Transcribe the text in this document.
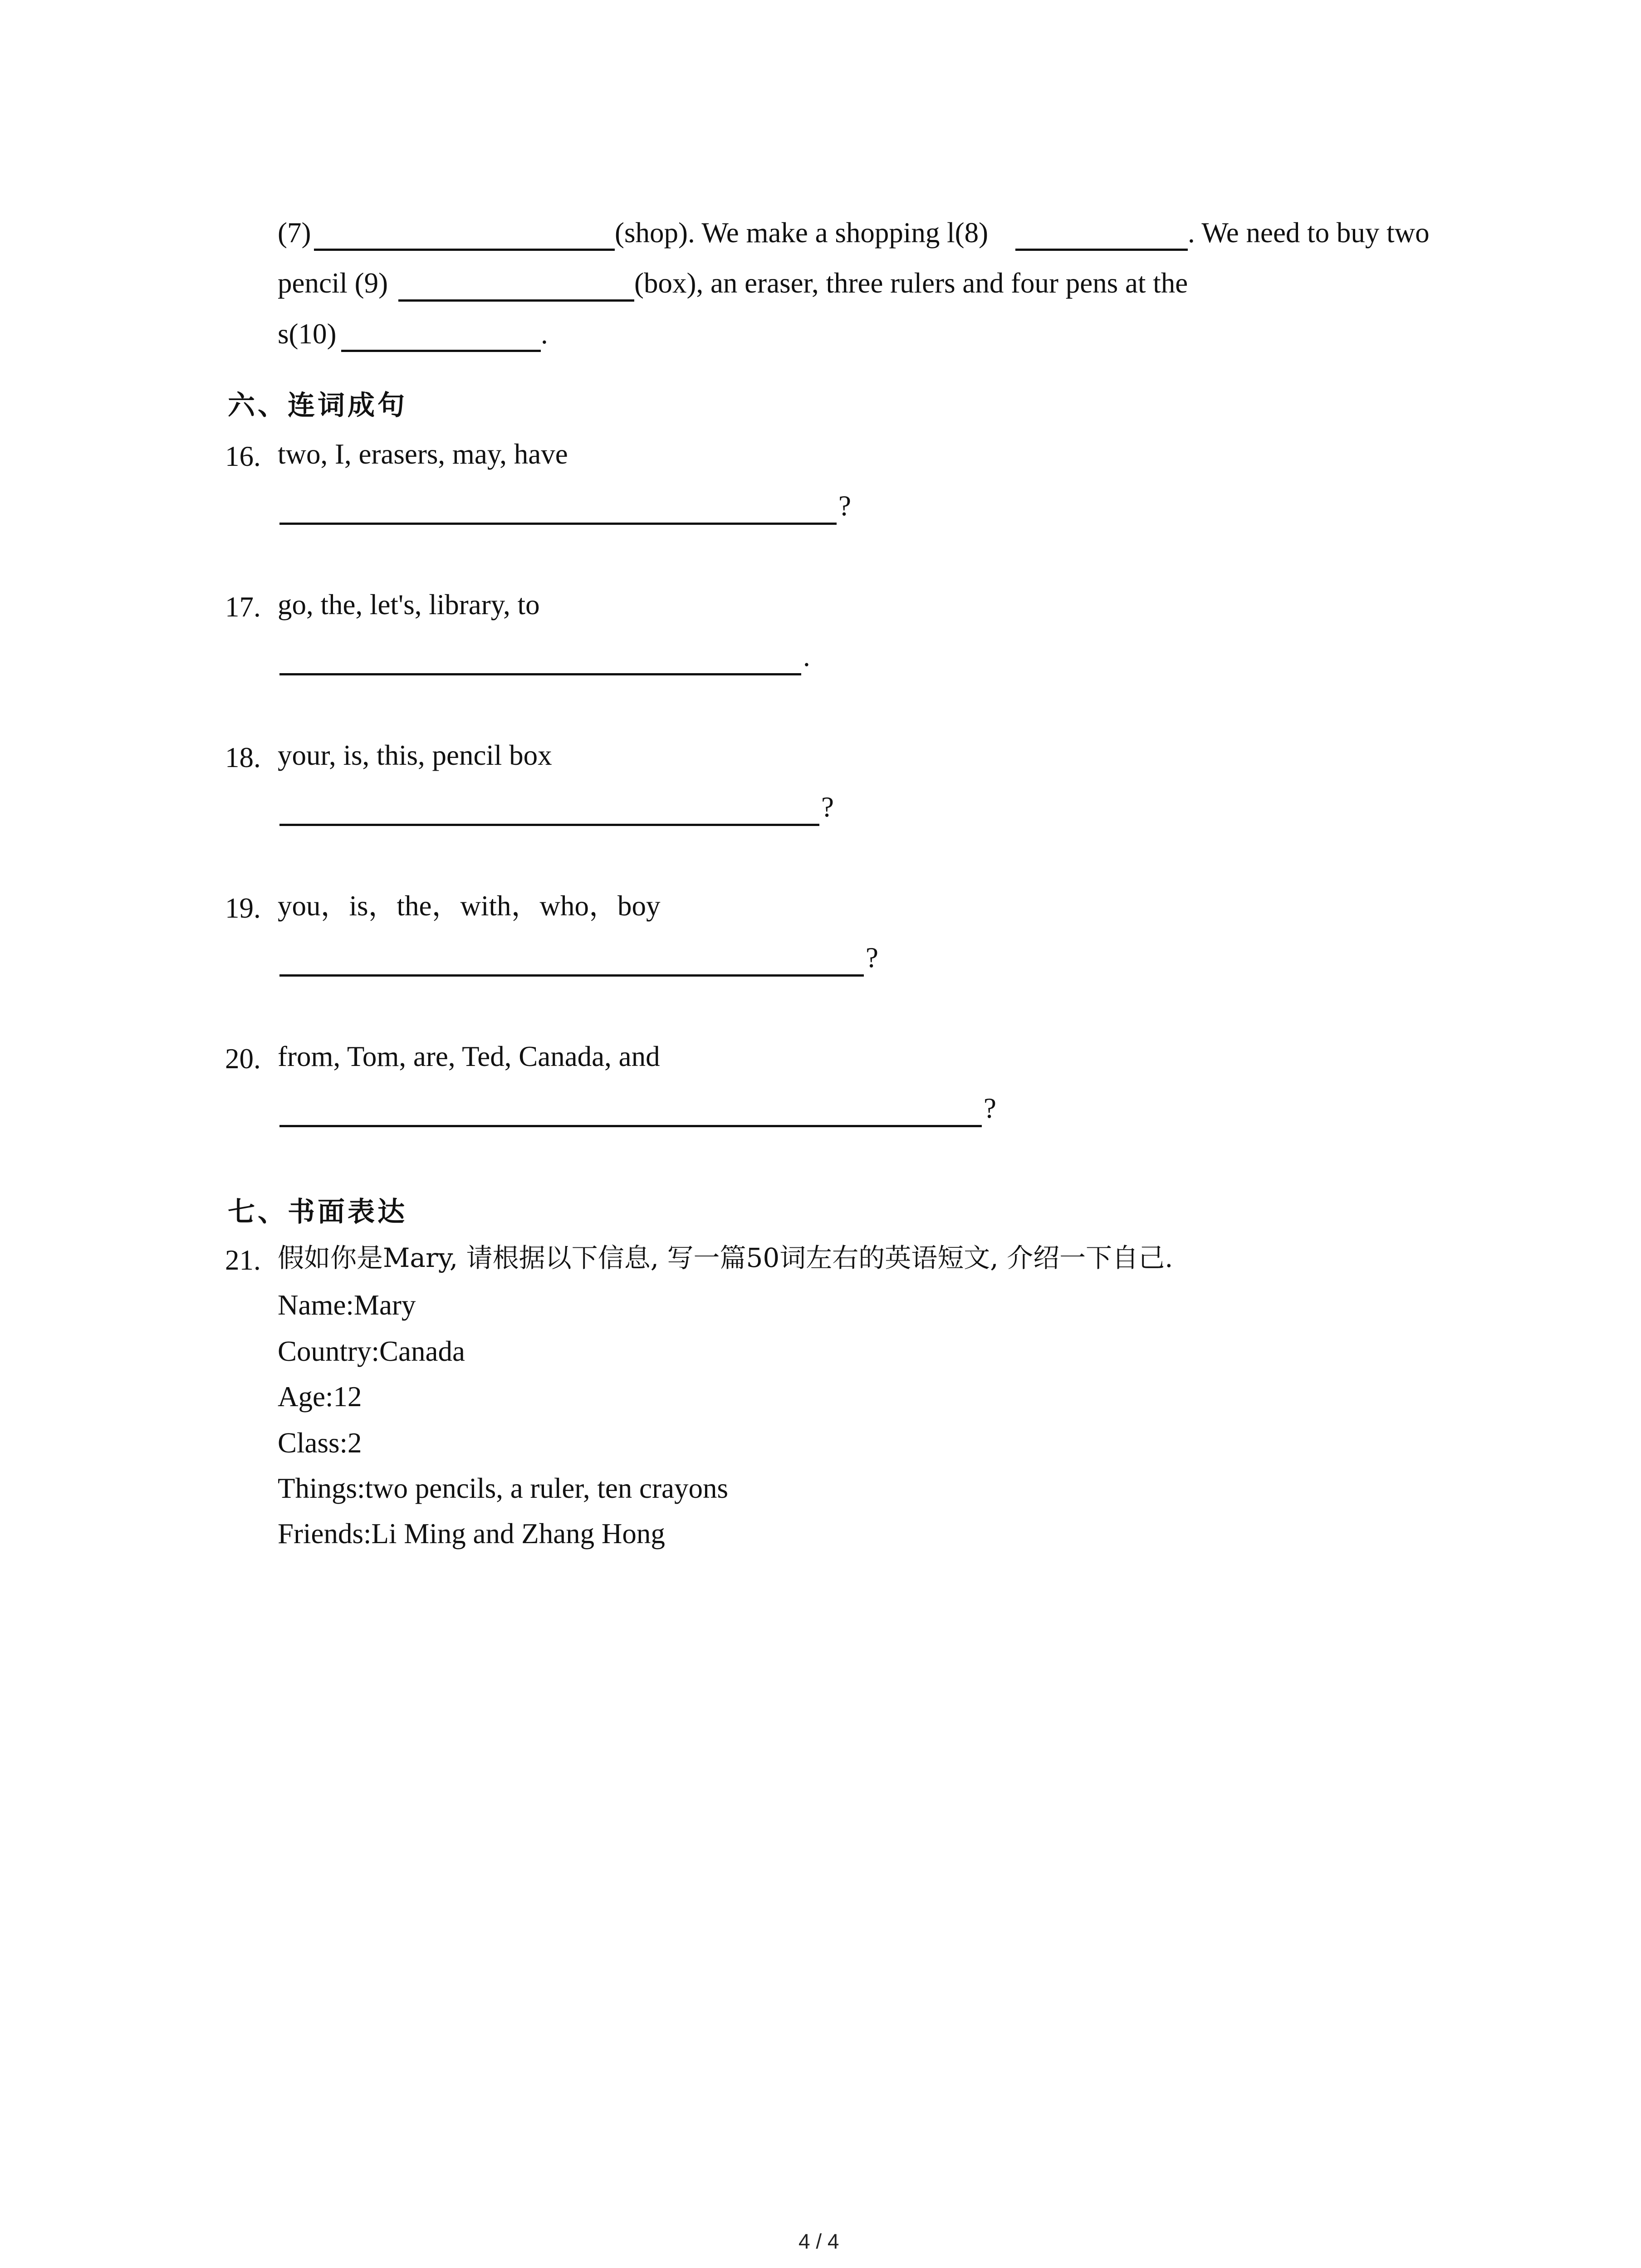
(7)	(shop). We make a shopping l(8)	. We need to buy two
pencil (9)	(box), an eraser, three rulers and four pens at the
s(10)	.
六、连词成句
16. two, I, erasers, may, have
?
17. go, the, let's, library, to
.
18. your, is, this, pencil box
?
19. you，is，the，with，who，boy
?
20. from, Tom, are, Ted, Canada, and
?
七、书面表达
21. 假如你是Mary, 请根据以下信息, 写一篇50词左右的英语短文, 介绍一下自己.
Name:Mary
Country:Canada
Age:12
Class:2
Things:two pencils, a ruler, ten crayons
Friends:Li Ming and Zhang Hong
4 / 4
